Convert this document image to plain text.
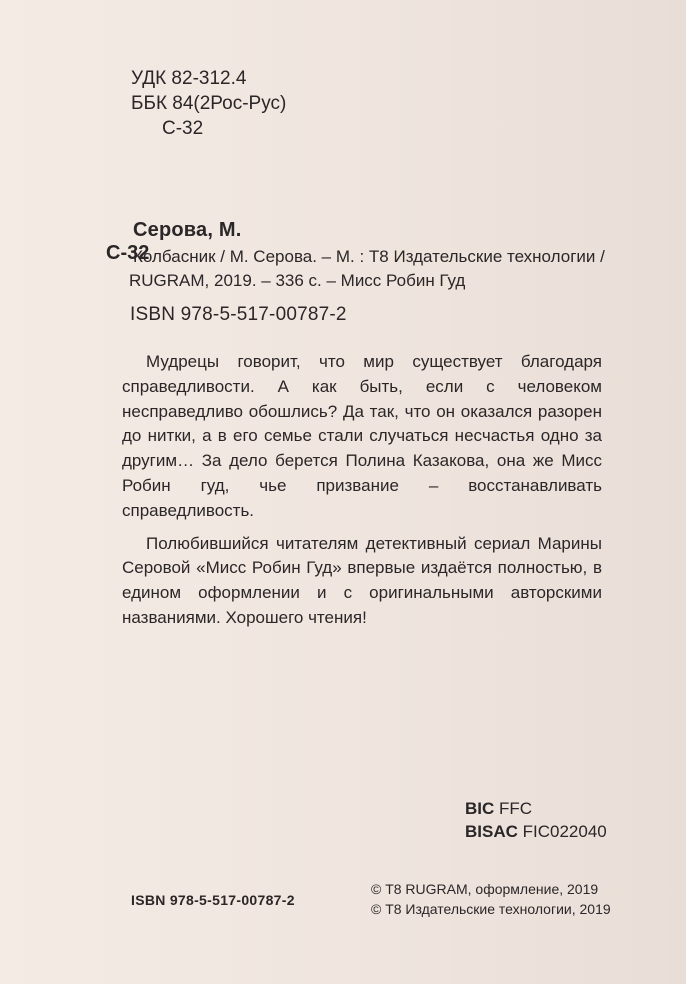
УДК 82-312.4
ББК 84(2Рос-Рус)
С-32
Серова, М.
С-32
Колбасник / М. Серова. – М. : Т8 Издательские технологии /
RUGRAM, 2019. – 336 с. – Мисс Робин Гуд
ISBN 978-5-517-00787-2

Мудрецы говорит, что мир существует благодаря справедливости. А как быть, если с человеком несправедливо обошлись? Да так, что он оказался разорен до нитки, а в его семье стали случаться несчастья одно за другим… За дело берется Полина Казакова, она же Мисс Робин гуд, чье призвание – восстанавливать справедливость.

Полюбившийся читателям детективный сериал Марины Серовой «Мисс Робин Гуд» впервые издаётся полностью, в едином оформлении и с оригинальными авторскими названиями. Хорошего чтения!

BIC FFC
BISAC FIC022040
ISBN 978-5-517-00787-2
© Т8 RUGRAM, оформление, 2019
© Т8 Издательские технологии, 2019
